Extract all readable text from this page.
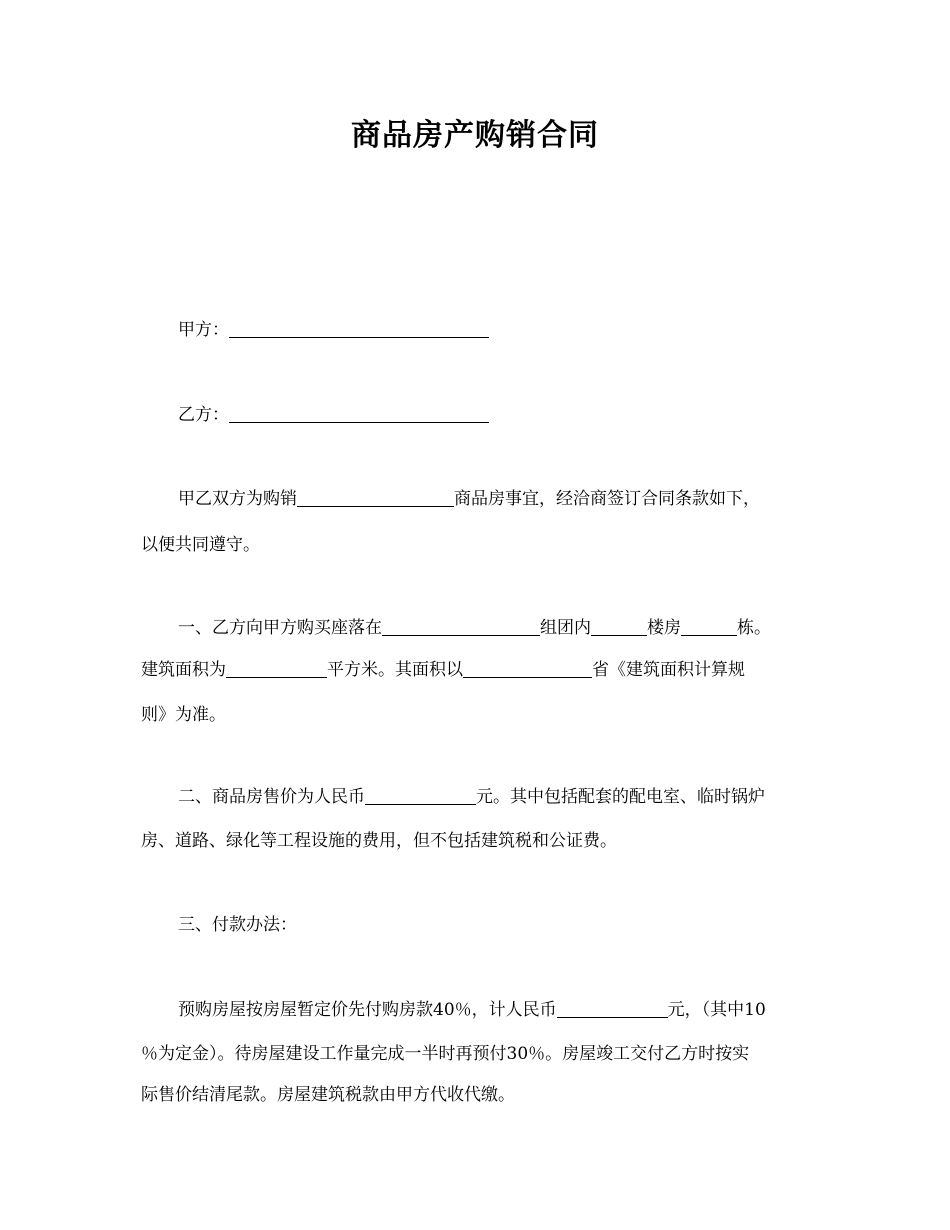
商品房产购销合同
甲方：
乙方：
甲乙双方为购销	商品房事宜，经洽商签订合同条款如下，
以便共同遵守。
一、乙方向甲方购买座落在	组团内	楼房	栋。
建筑面积为	平方米。其面积以	省《建筑面积计算规
则》为准。
二、商品房售价为人民币	元。其中包括配套的配电室、临时锅炉
房、道路、绿化等工程设施的费用，但不包括建筑税和公证费。
三、付款办法：
预购房屋按房屋暂定价先付购房款40％，计人民币	元，（其中10
％为定金）。待房屋建设工作量完成一半时再预付30％。房屋竣工交付乙方时按实
际售价结清尾款。房屋建筑税款由甲方代收代缴。
